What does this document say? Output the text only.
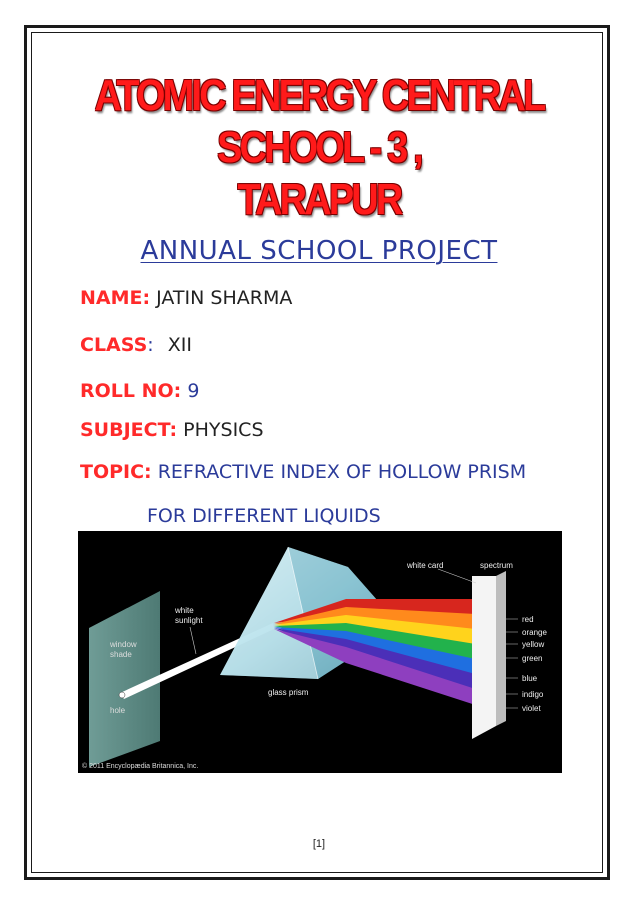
ATOMIC ENERGY CENTRAL SCHOOL - 3 ,
TARAPUR
ANNUAL SCHOOL PROJECT
NAME: JATIN SHARMA
CLASS: XII
ROLL NO: 9
SUBJECT: PHYSICS
TOPIC: REFRACTIVE INDEX OF HOLLOW PRISM
FOR DIFFERENT LIQUIDS
window
shade
hole
white
sunlight
glass prism
white card	spectrum
red
orange
yellow
green
blue
indigo
violet
© 2011 Encyclopædia Britannica, Inc.
[1]
